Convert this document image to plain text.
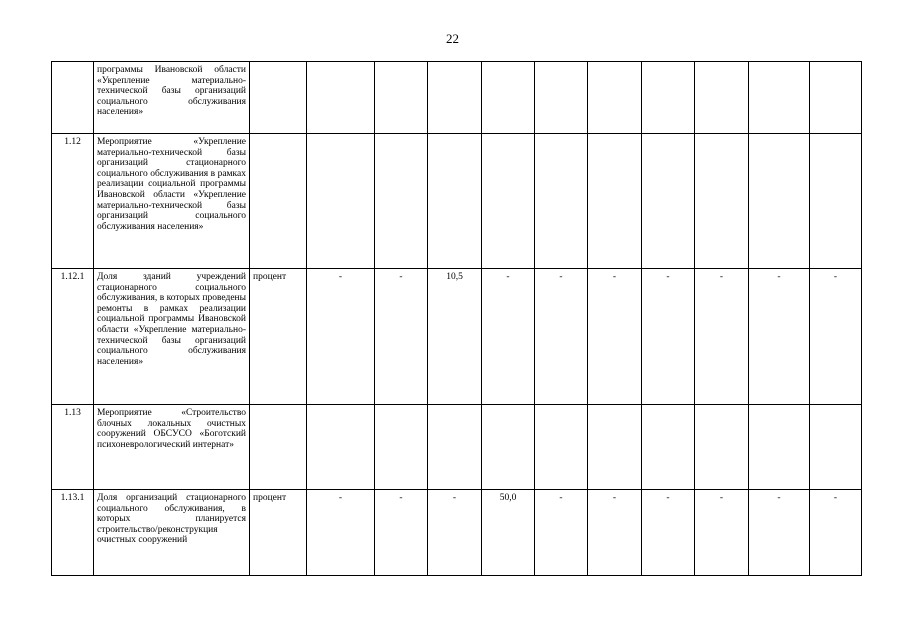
22
	программы Ивановской области «Укрепление материально-технической базы организаций социального обслуживания населения»												
1.12	Мероприятие «Укрепление материально-технической базы организаций стационарного социального обслуживания в рамках реализации социальной программы Ивановской области «Укрепление материально-технической базы организаций социального обслуживания населения»												
1.12.1	Доля зданий учреждений стационарного социального обслуживания, в которых проведены ремонты в рамках реализации социальной программы Ивановской области «Укрепление материально-технической базы организаций социального обслуживания населения»	процент	-	-	10,5	-	-	-	-	-	-	-	
1.13	Мероприятие «Строительство блочных локальных очистных сооружений ОБСУСО «Боготский психоневрологический интернат»												
1.13.1	Доля организаций стационарного социального обслуживания, в которых планируется строительство/реконструкция очистных сооружений	процент	-	-	-	50,0	-	-	-	-	-	-	
